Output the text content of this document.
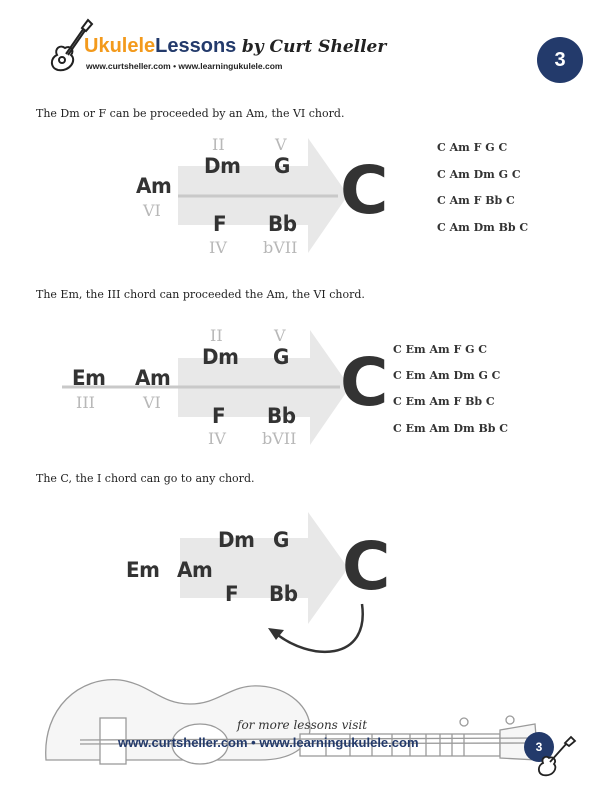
UkuleleLessons by Curt Sheller
www.curtsheller.com • www.learningukulele.com	3
The Dm or F can be proceeded by an Am, the VI chord.
Am
VI
II
Dm
V
G
F
IV
Bb
bVII
C
C Am F G C
C Am Dm G C
C Am F Bb C
C Am Dm Bb C
The Em, the III chord can proceeded the Am, the VI chord.
Em
III
Am
VI
II
Dm
V
G
F
IV
Bb
bVII
C C Em Am F G C
C Em Am Dm G C
C Em Am F Bb C
C Em Am Dm Bb C
The C, the I chord can go to any chord.
Em Am
Dm G
F Bb C
for more lessons visit
www.curtsheller.com • www.learningukulele.com	3
